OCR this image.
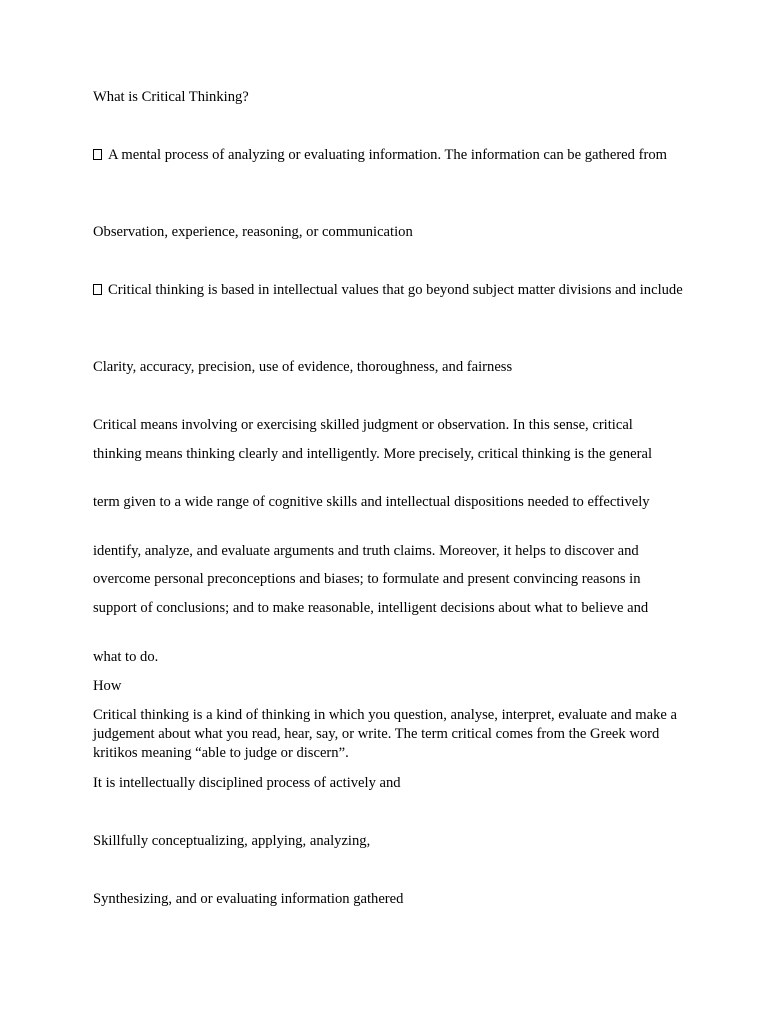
What is Critical Thinking?

A mental process of analyzing or evaluating information. The information can be gathered from

Observation, experience, reasoning, or communication

Critical thinking is based in intellectual values that go beyond subject matter divisions and include

Clarity, accuracy, precision, use of evidence, thoroughness, and fairness

Critical means involving or exercising skilled judgment or observation. In this sense, critical

thinking means thinking clearly and intelligently. More precisely, critical thinking is the general

term given to a wide range of cognitive skills and intellectual dispositions needed to effectively

identify, analyze, and evaluate arguments and truth claims. Moreover, it helps to discover and

overcome personal preconceptions and biases; to formulate and present convincing reasons in

support of conclusions; and to make reasonable, intelligent decisions about what to believe and

what to do.

How

Critical thinking is a kind of thinking in which you question, analyse, interpret, evaluate and make a judgement about what you read, hear, say, or write. The term critical comes from the Greek word kritikos meaning “able to judge or discern”.

It is intellectually disciplined process of actively and

Skillfully conceptualizing, applying, analyzing,

Synthesizing, and or evaluating information gathered
